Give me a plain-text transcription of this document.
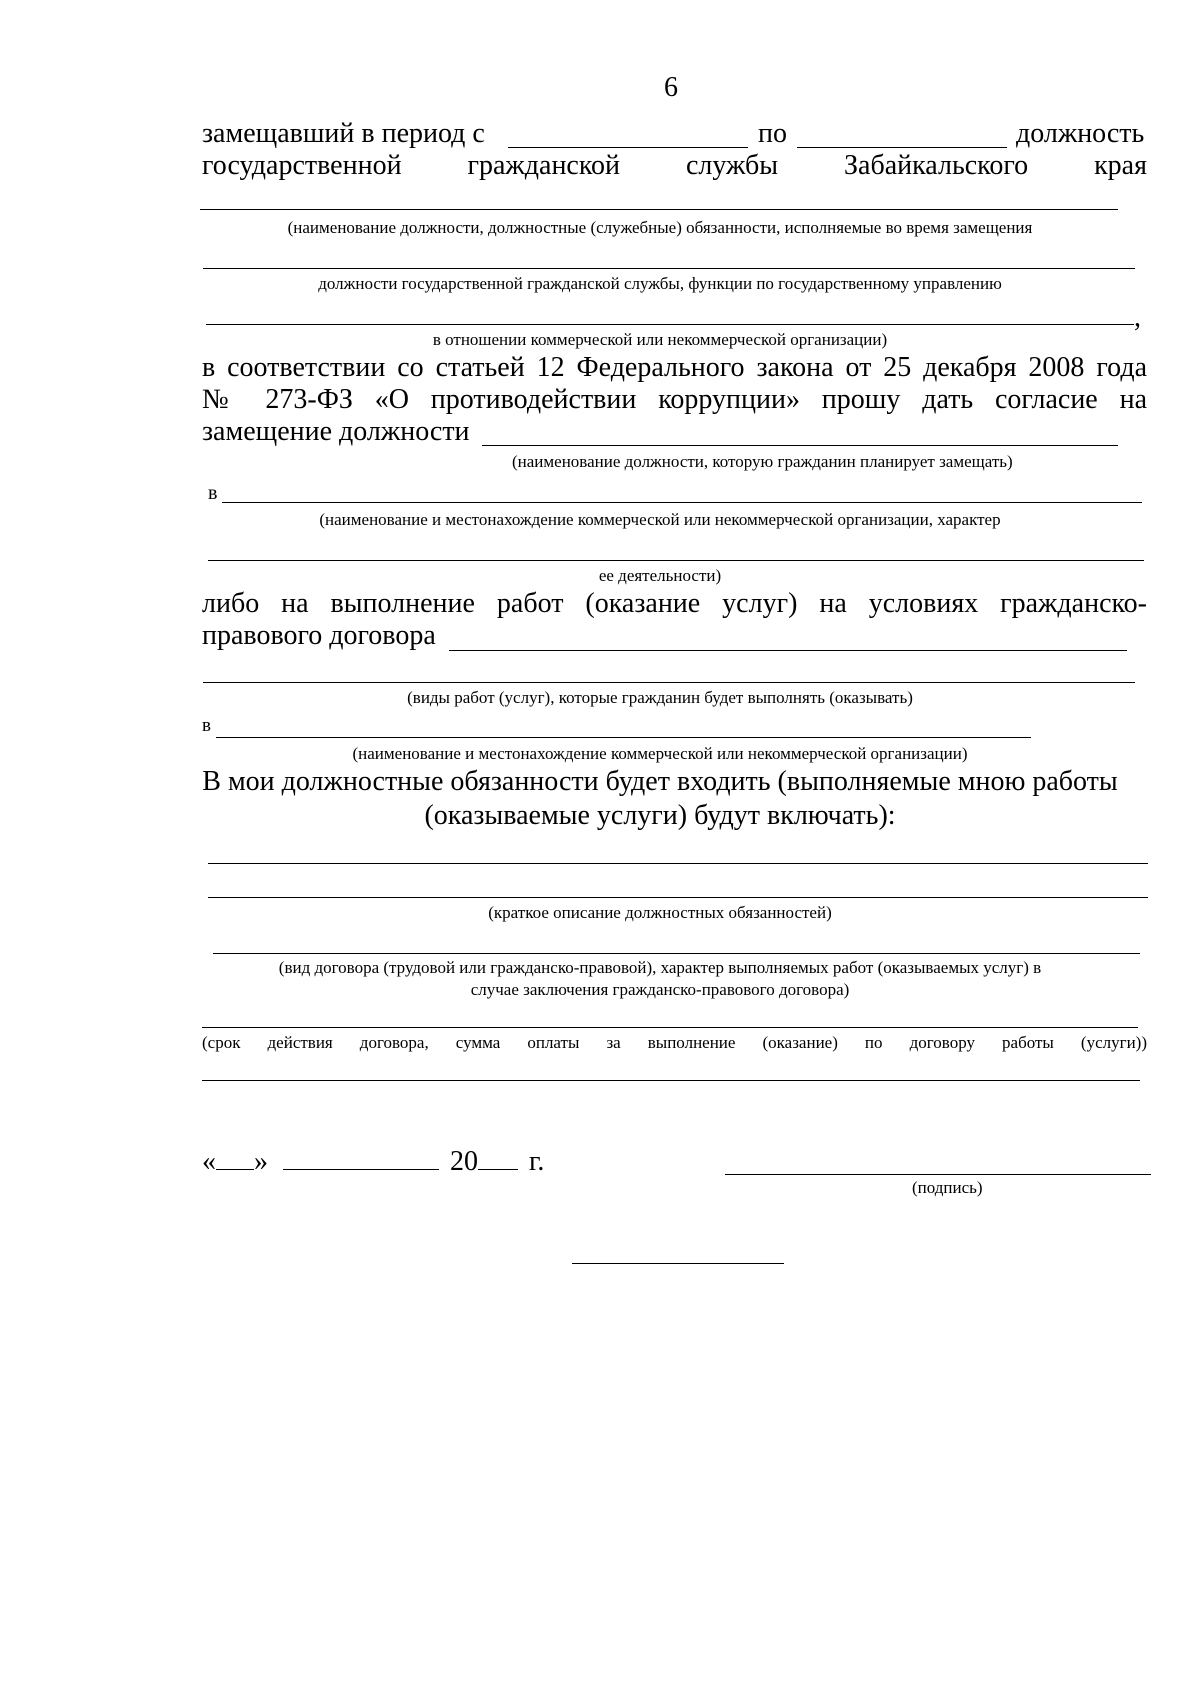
6
замещавший в период с	по	должность
государственной гражданской службы Забайкальского края
(наименование должности, должностные (служебные) обязанности, исполняемые во время замещения
должности государственной гражданской службы, функции по государственному управлению
,
в отношении коммерческой или некоммерческой организации)
в соответствии со статьей 12 Федерального закона от 25 декабря 2008 года
№ 273-ФЗ «О противодействии коррупции» прошу дать согласие на
замещение должности
(наименование должности, которую гражданин планирует замещать)
в
(наименование и местонахождение коммерческой или некоммерческой организации, характер
ее деятельности)
либо на выполнение работ (оказание услуг) на условиях гражданско-
правового договора
(виды работ (услуг), которые гражданин будет выполнять (оказывать)
в
(наименование и местонахождение коммерческой или некоммерческой организации)
В мои должностные обязанности будет входить (выполняемые мною работы
(оказываемые услуги) будут включать):
(краткое описание должностных обязанностей)
(вид договора (трудовой или гражданско-правовой), характер выполняемых работ (оказываемых услуг) в
случае заключения гражданско-правового договора)
(срок действия договора, сумма оплаты за выполнение (оказание) по договору работы (услуги))
« »	20 г.
(подпись)
